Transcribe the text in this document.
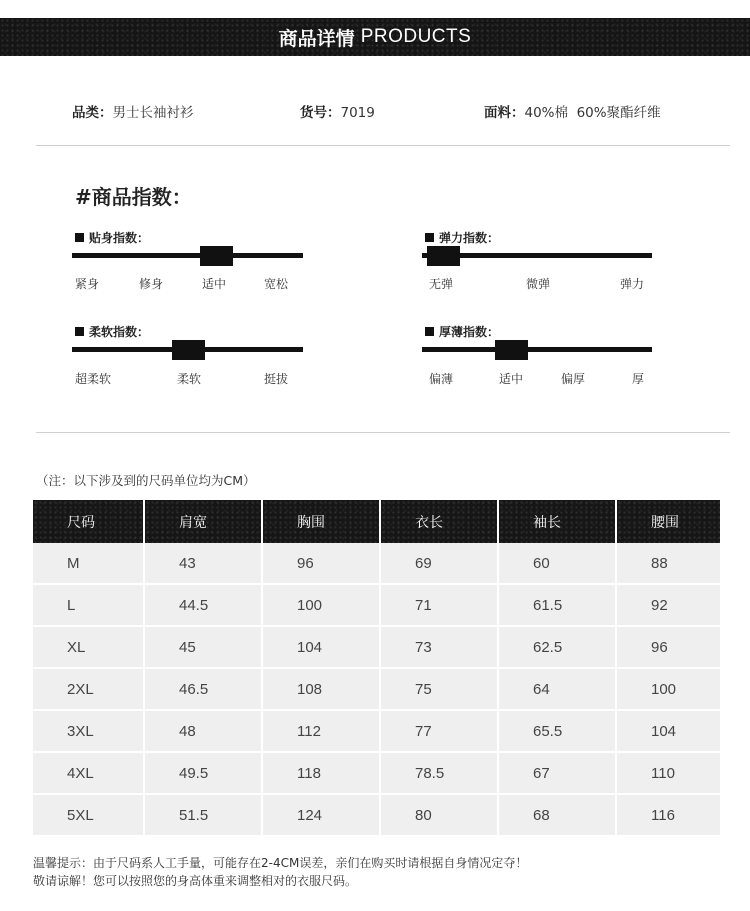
商品详情 PRODUCTS
品类：男士长袖衬衫	货号：7019	面料：40%棉  60%聚酯纤维
#商品指数：
贴身指数：
紧身	修身	适中	宽松
弹力指数：
无弹	微弹	弹力
柔软指数：
超柔软	柔软	挺拔
厚薄指数：
偏薄	适中	偏厚	厚
（注：以下涉及到的尺码单位均为CM）
尺码	肩宽	胸围	衣长	袖长	腰围
M	43	96	69	60	88
L	44.5	100	71	61.5	92
XL	45	104	73	62.5	96
2XL	46.5	108	75	64	100
3XL	48	112	77	65.5	104
4XL	49.5	118	78.5	67	110
5XL	51.5	124	80	68	116
温馨提示：由于尺码系人工手量，可能存在2-4CM误差，亲们在购买时请根据自身情况定夺！
敬请谅解！您可以按照您的身高体重来调整相对的衣服尺码。
